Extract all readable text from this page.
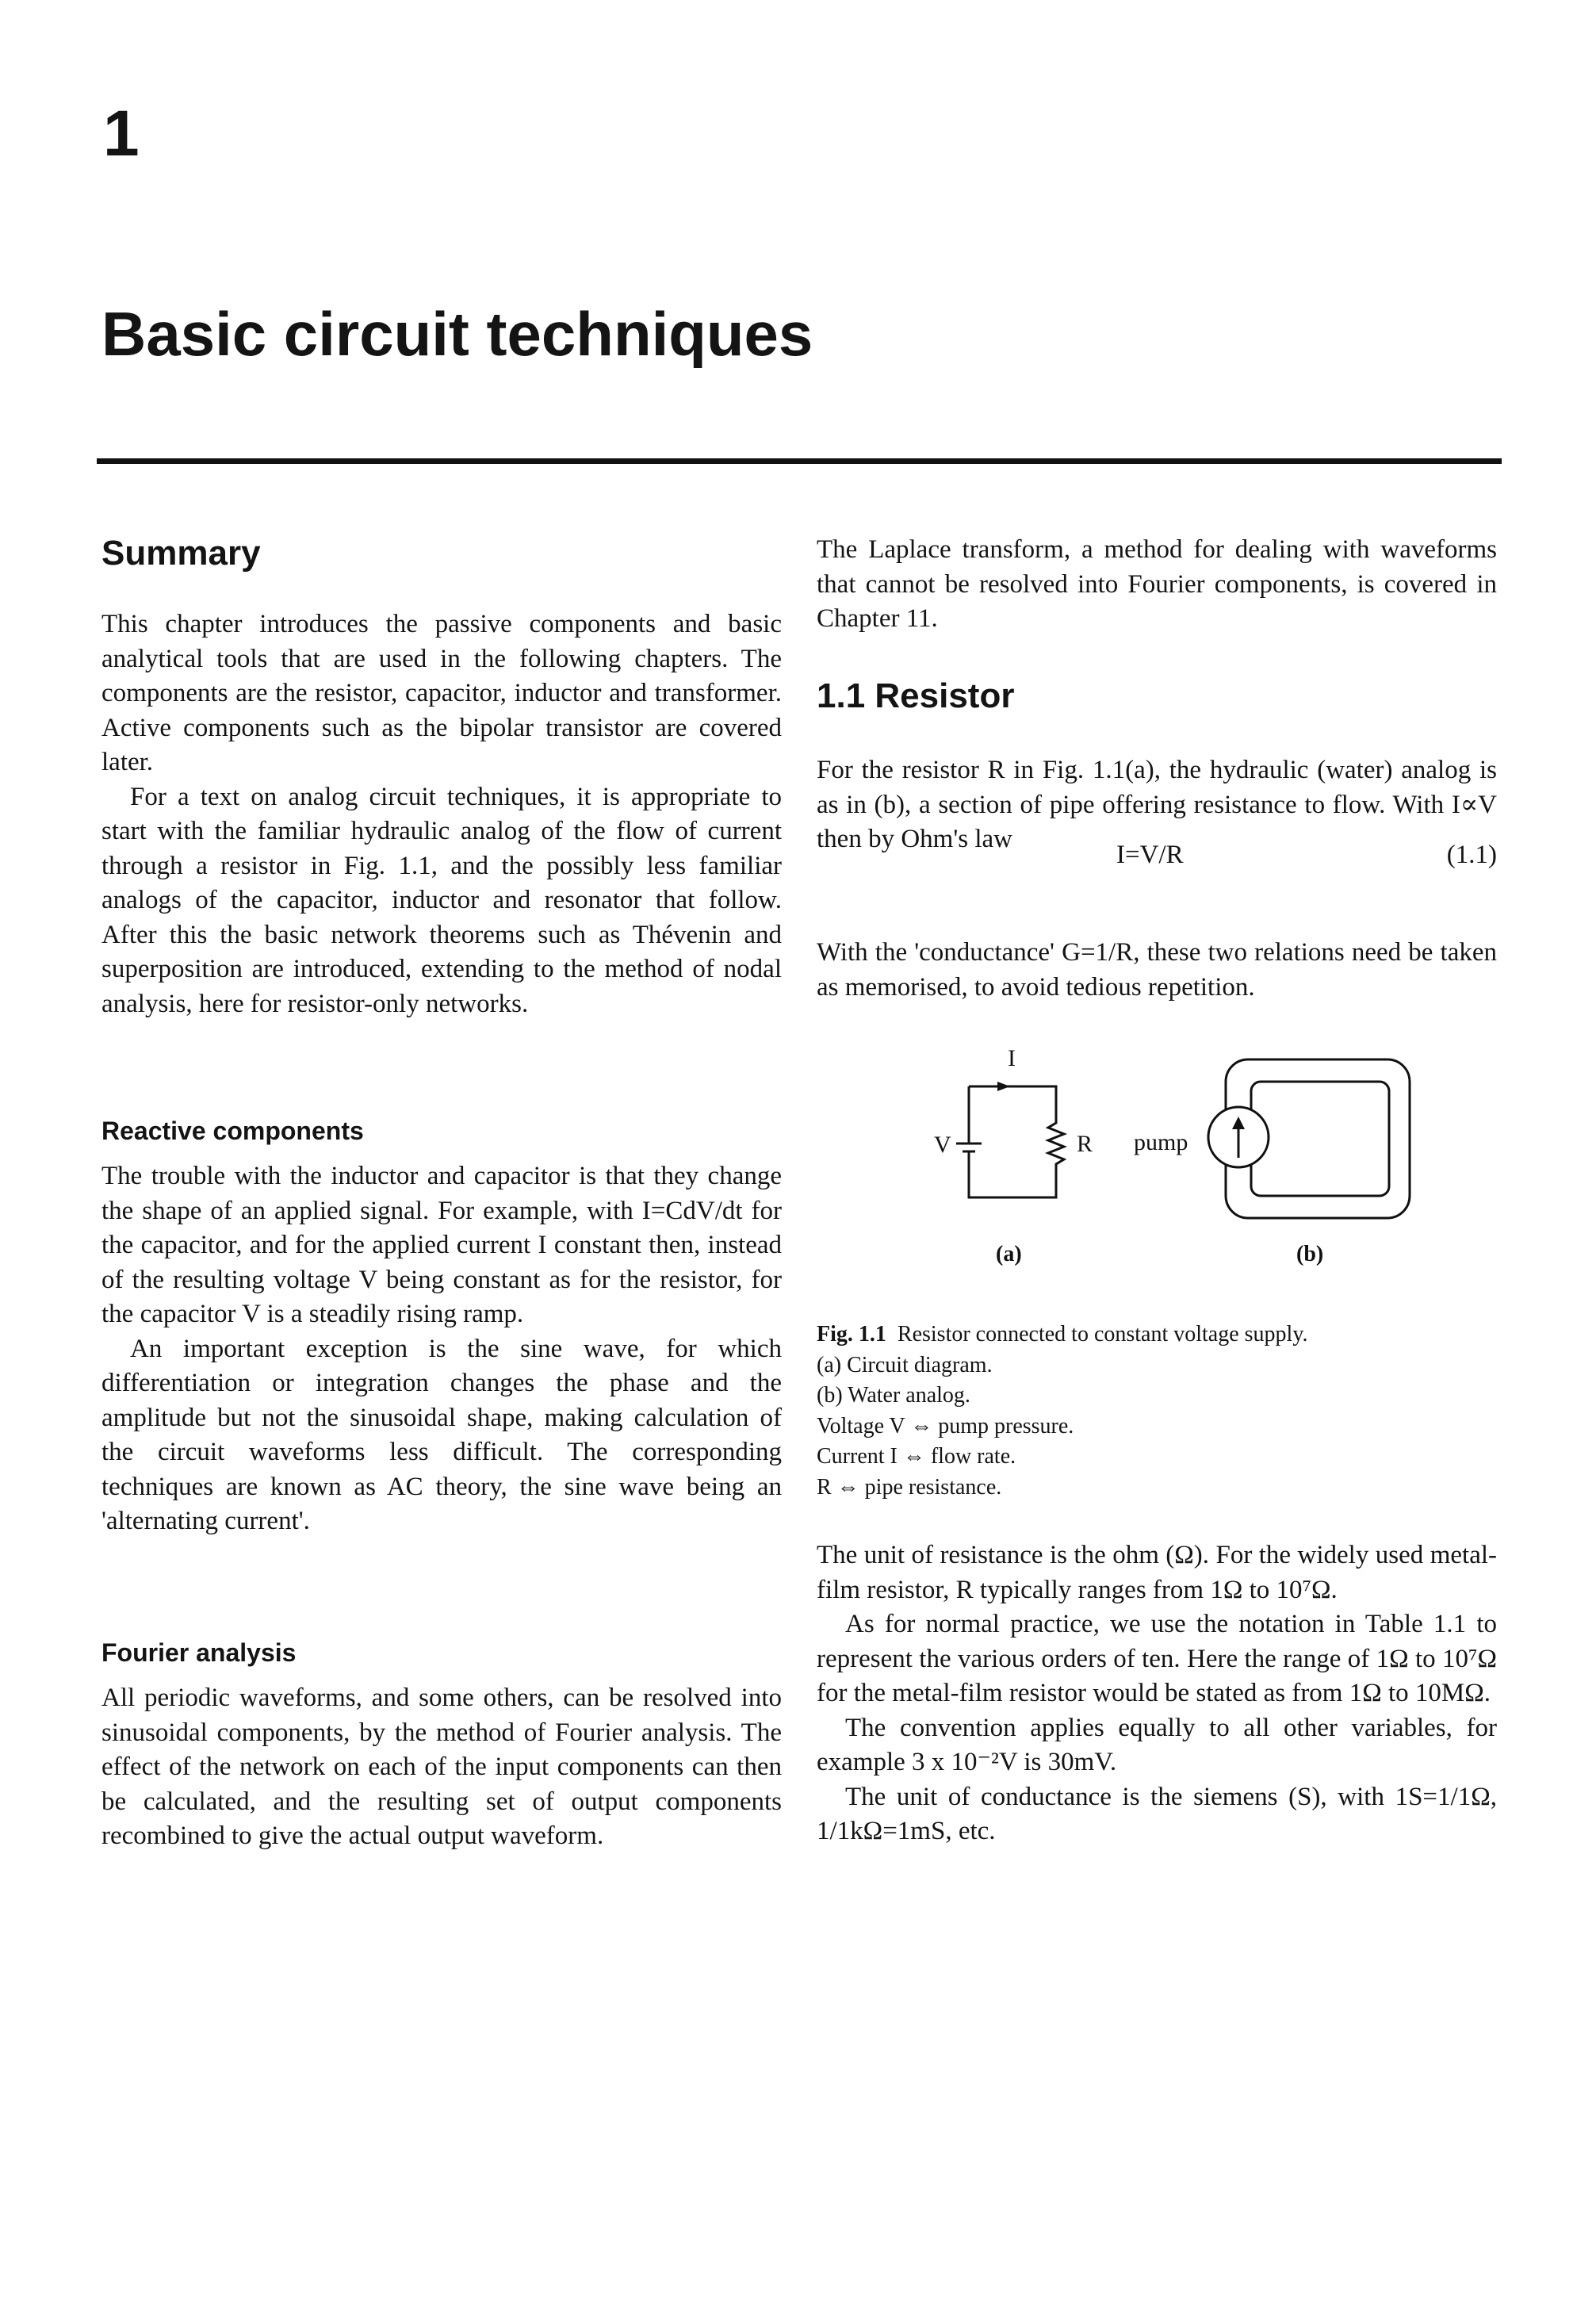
1
Basic circuit techniques
Summary

This chapter introduces the passive components and basic analytical tools that are used in the following chapters. The components are the resistor, capacitor, inductor and transformer. Active components such as the bipolar transistor are covered later.

For a text on analog circuit techniques, it is appropriate to start with the familiar hydraulic analog of the flow of current through a resistor in Fig. 1.1, and the possibly less familiar analogs of the capacitor, inductor and resonator that follow. After this the basic network theorems such as Thévenin and superposition are introduced, extending to the method of nodal analysis, here for resistor-only networks.

Reactive components

The trouble with the inductor and capacitor is that they change the shape of an applied signal. For example, with I=CdV/dt for the capacitor, and for the applied current I constant then, instead of the resulting voltage V being constant as for the resistor, for the capacitor V is a steadily rising ramp.

An important exception is the sine wave, for which differentiation or integration changes the phase and the amplitude but not the sinusoidal shape, making calculation of the circuit waveforms less difficult. The corresponding techniques are known as AC theory, the sine wave being an 'alternating current'.

Fourier analysis

All periodic waveforms, and some others, can be resolved into sinusoidal components, by the method of Fourier analysis. The effect of the network on each of the input components can then be calculated, and the resulting set of output components recombined to give the actual output waveform.

The Laplace transform, a method for dealing with waveforms that cannot be resolved into Fourier components, is covered in Chapter 11.

1.1 Resistor

For the resistor R in Fig. 1.1(a), the hydraulic (water) analog is as in (b), a section of pipe offering resistance to flow. With I∝V then by Ohm's law

I=V/R	(1.1)

With the 'conductance' G=1/R, these two relations need be taken as memorised, to avoid tedious repetition.

I
V	R pump
(a)	(b)
Fig. 1.1 Resistor connected to constant voltage supply.
(a) Circuit diagram.
(b) Water analog.
Voltage V ⇔ pump pressure.
Current I ⇔ flow rate.
R ⇔ pipe resistance.

The unit of resistance is the ohm (Ω). For the widely used metal-film resistor, R typically ranges from 1Ω to 10⁷Ω.

As for normal practice, we use the notation in Table 1.1 to represent the various orders of ten. Here the range of 1Ω to 10⁷Ω for the metal-film resistor would be stated as from 1Ω to 10MΩ.

The convention applies equally to all other variables, for example 3 x 10⁻²V is 30mV.

The unit of conductance is the siemens (S), with 1S=1/1Ω, 1/1kΩ=1mS, etc.
